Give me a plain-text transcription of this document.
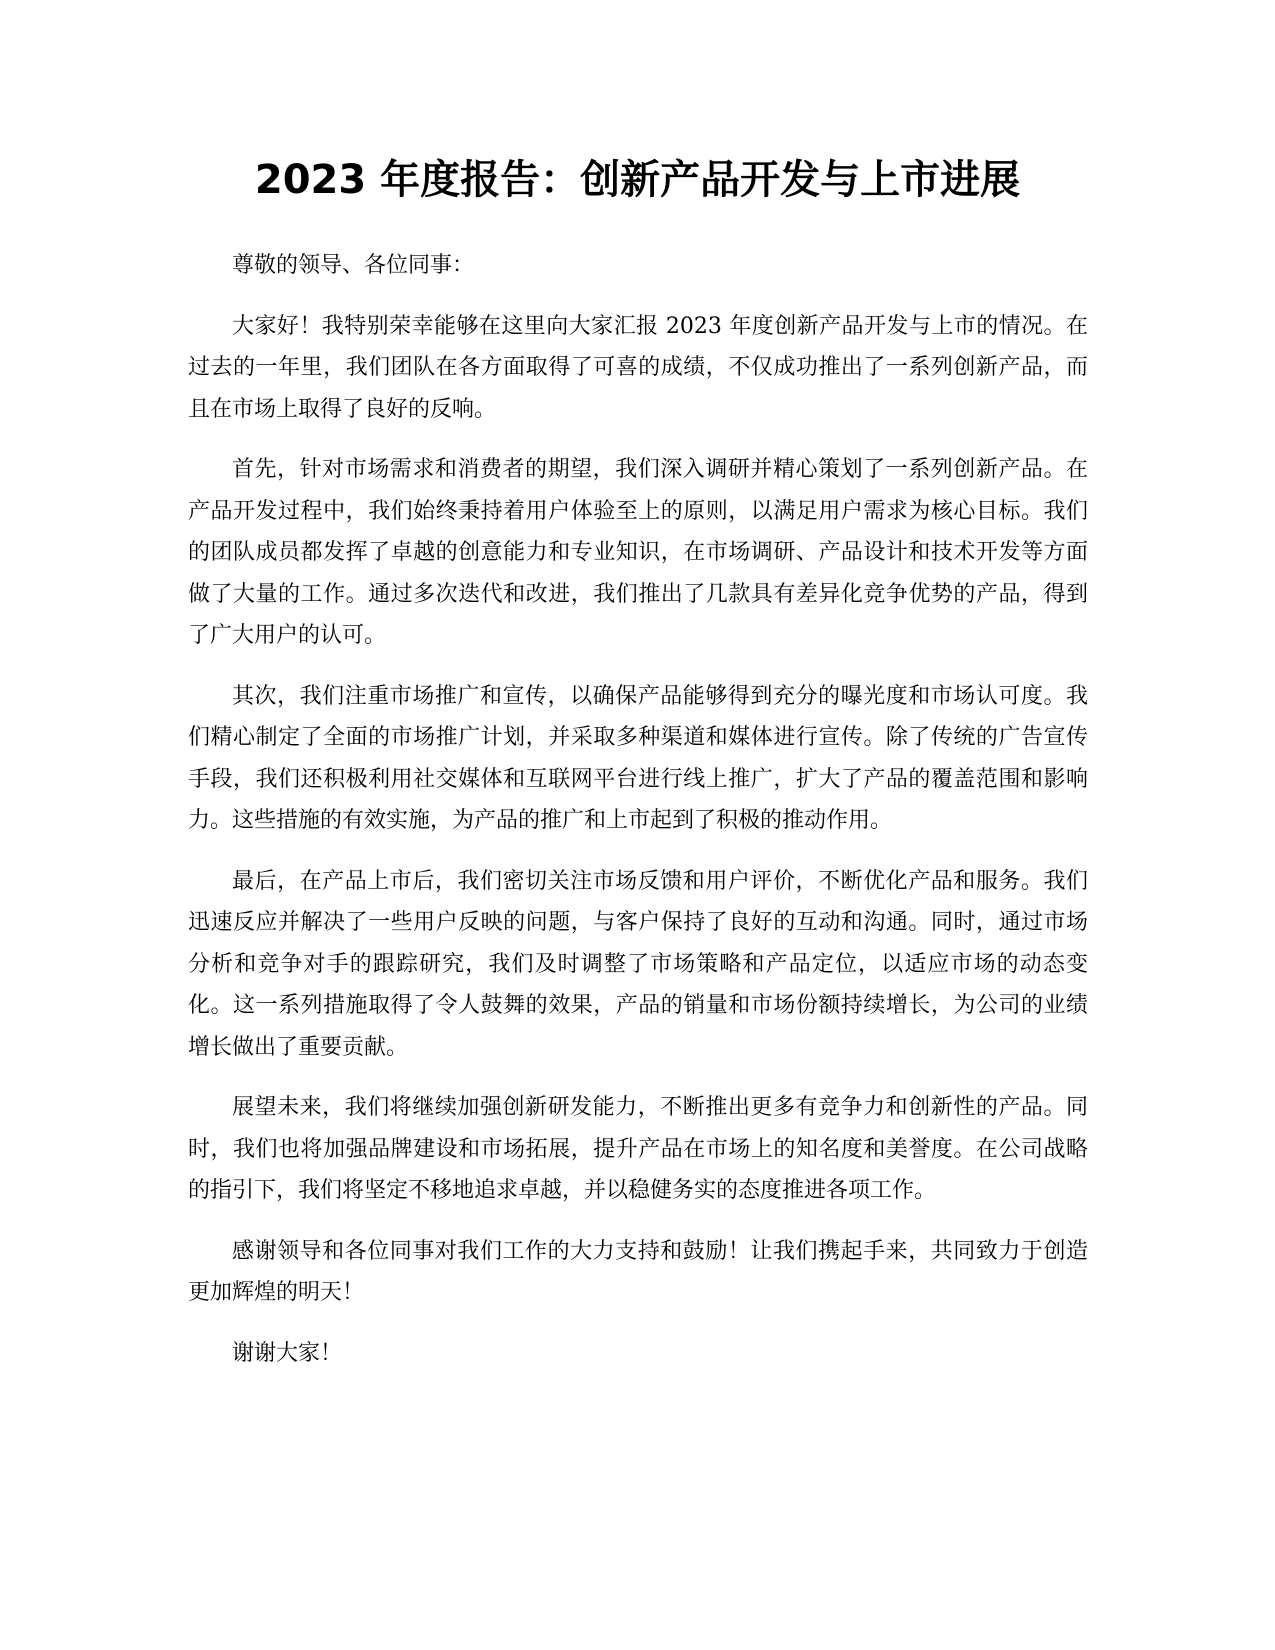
2023 年度报告：创新产品开发与上市进展

尊敬的领导、各位同事：

大家好！我特别荣幸能够在这里向大家汇报 2023 年度创新产品开发与上市的情况。在过去的一年里，我们团队在各方面取得了可喜的成绩，不仅成功推出了一系列创新产品，而且在市场上取得了良好的反响。

首先，针对市场需求和消费者的期望，我们深入调研并精心策划了一系列创新产品。在产品开发过程中，我们始终秉持着用户体验至上的原则，以满足用户需求为核心目标。我们的团队成员都发挥了卓越的创意能力和专业知识，在市场调研、产品设计和技术开发等方面做了大量的工作。通过多次迭代和改进，我们推出了几款具有差异化竞争优势的产品，得到了广大用户的认可。

其次，我们注重市场推广和宣传，以确保产品能够得到充分的曝光度和市场认可度。我们精心制定了全面的市场推广计划，并采取多种渠道和媒体进行宣传。除了传统的广告宣传手段，我们还积极利用社交媒体和互联网平台进行线上推广，扩大了产品的覆盖范围和影响力。这些措施的有效实施，为产品的推广和上市起到了积极的推动作用。

最后，在产品上市后，我们密切关注市场反馈和用户评价，不断优化产品和服务。我们迅速反应并解决了一些用户反映的问题，与客户保持了良好的互动和沟通。同时，通过市场分析和竞争对手的跟踪研究，我们及时调整了市场策略和产品定位，以适应市场的动态变化。这一系列措施取得了令人鼓舞的效果，产品的销量和市场份额持续增长，为公司的业绩增长做出了重要贡献。

展望未来，我们将继续加强创新研发能力，不断推出更多有竞争力和创新性的产品。同时，我们也将加强品牌建设和市场拓展，提升产品在市场上的知名度和美誉度。在公司战略的指引下，我们将坚定不移地追求卓越，并以稳健务实的态度推进各项工作。

感谢领导和各位同事对我们工作的大力支持和鼓励！让我们携起手来，共同致力于创造更加辉煌的明天！

谢谢大家！
